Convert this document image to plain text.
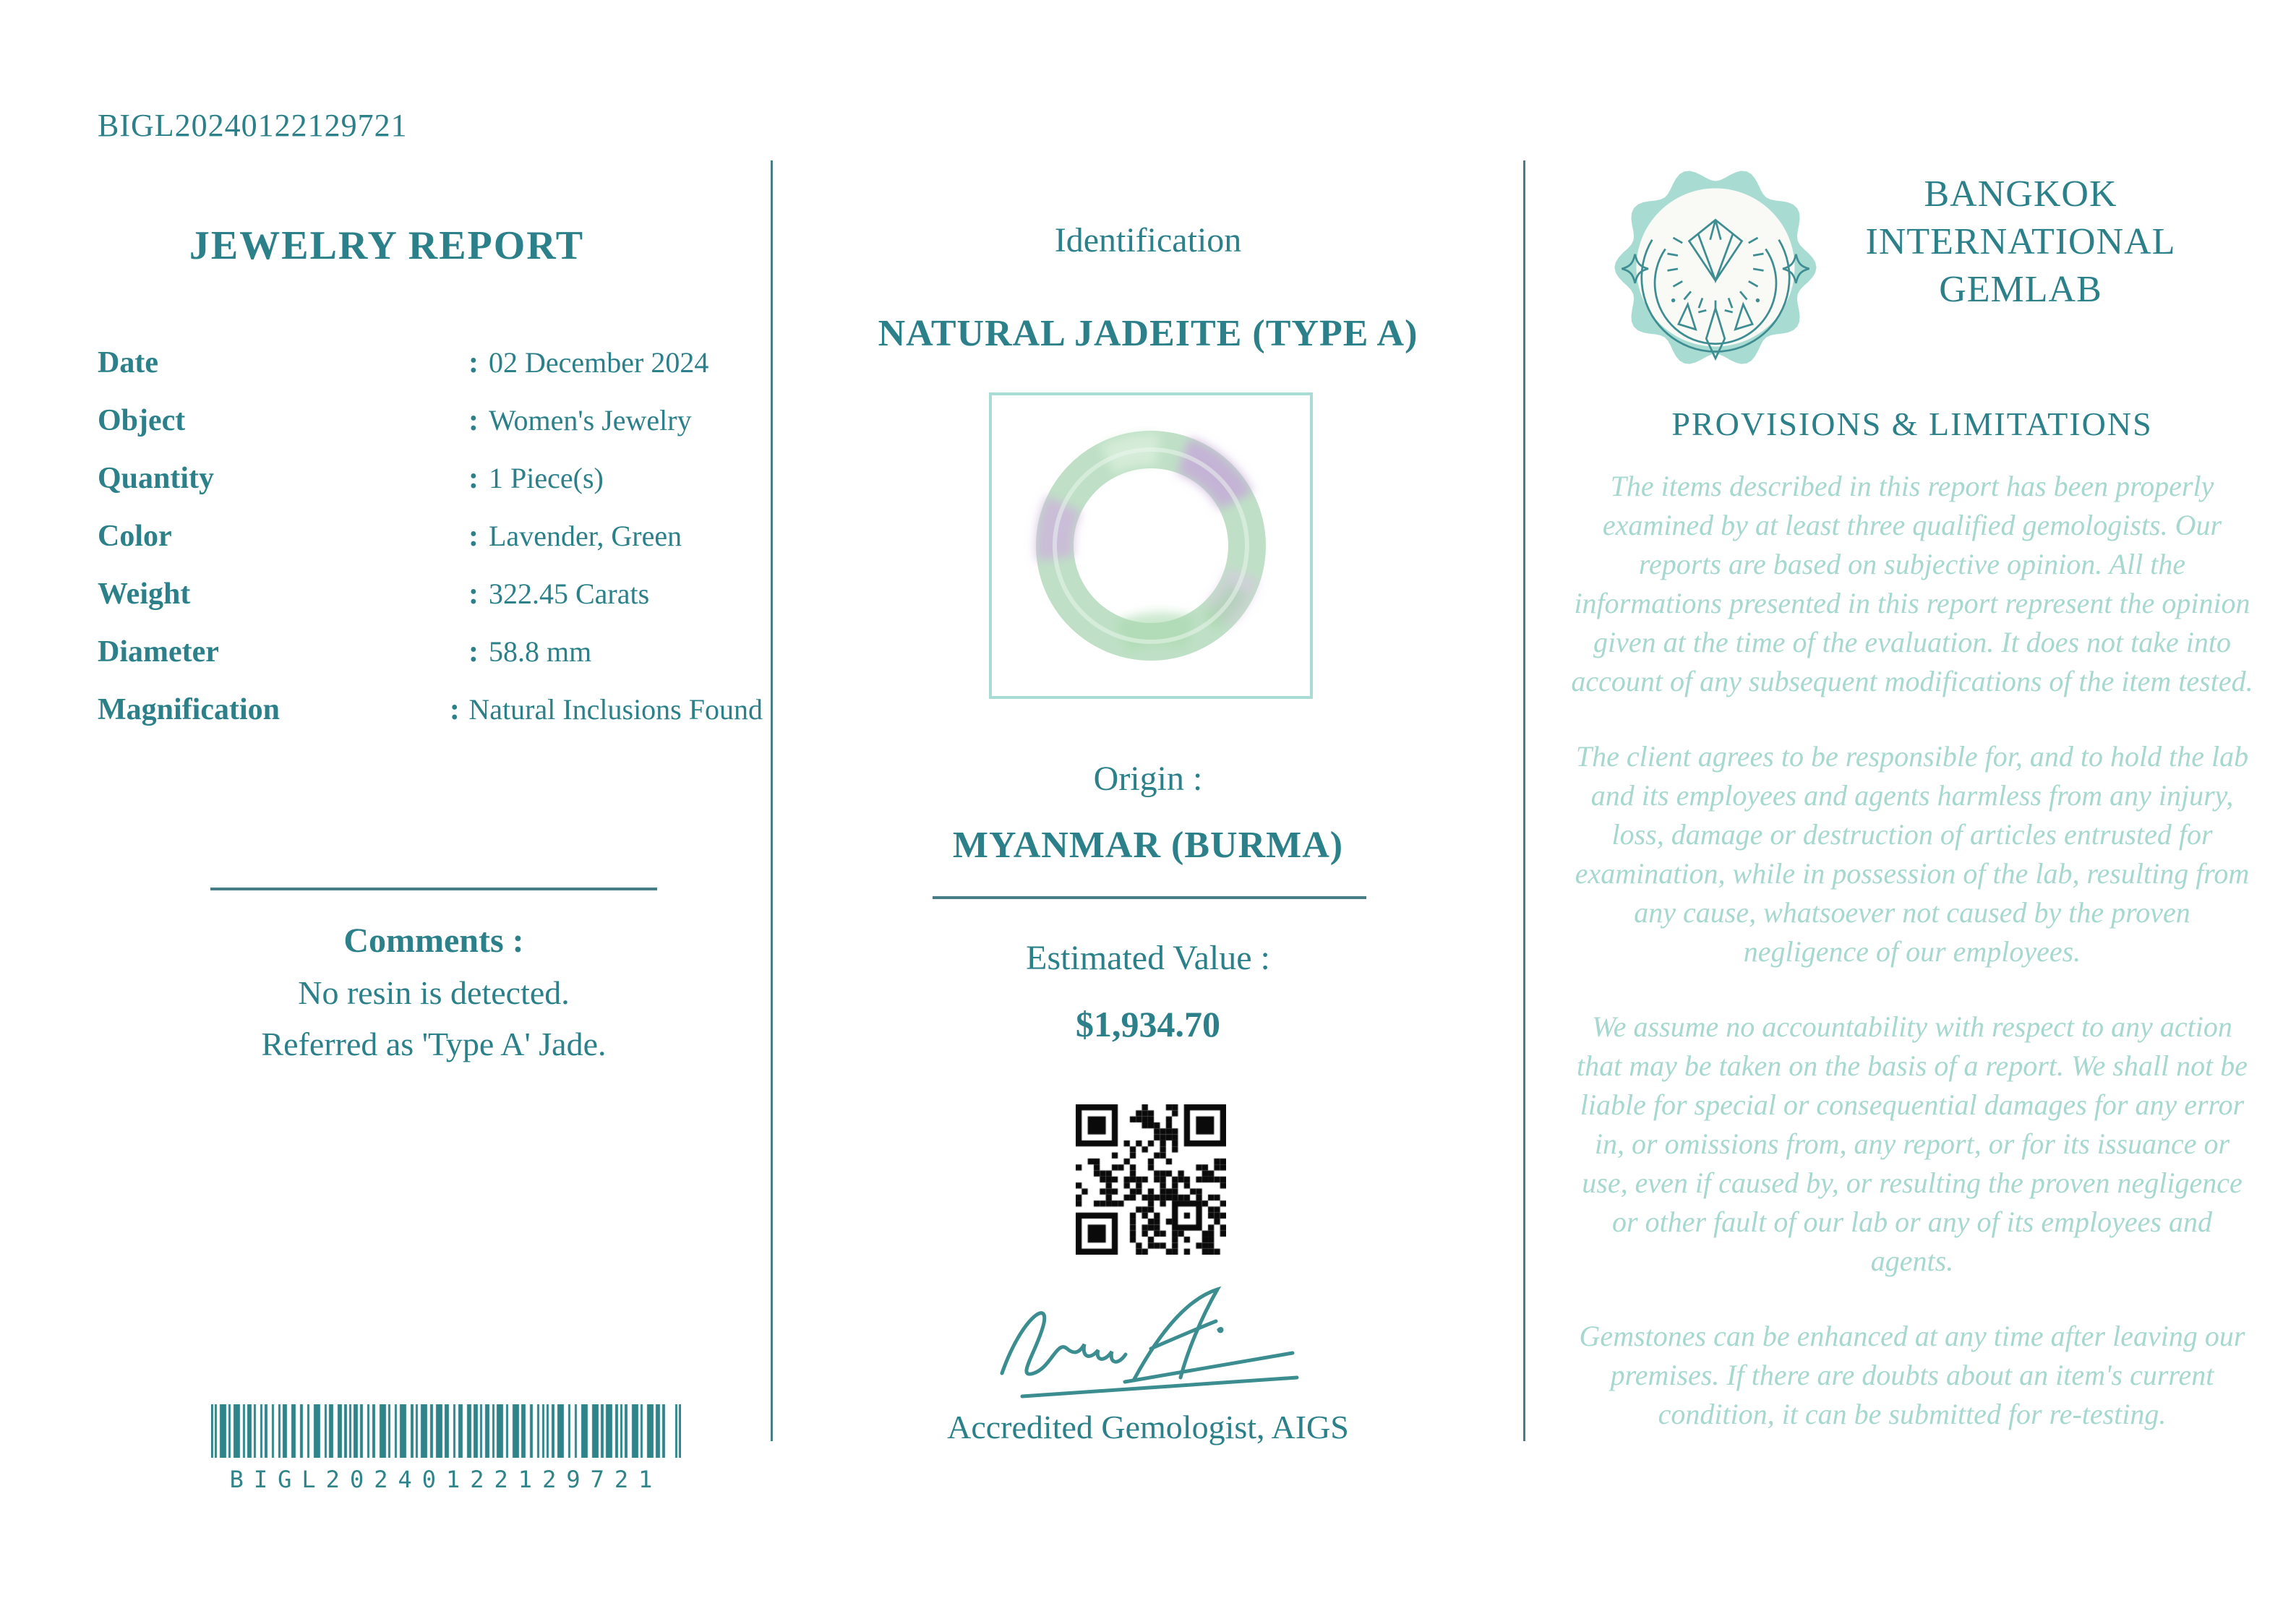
BIGL20240122129721
JEWELRY REPORT
Date	: 02 December 2024
Object	: Women's Jewelry
Quantity	: 1 Piece(s)
Color	: Lavender, Green
Weight	: 322.45 Carats
Diameter	: 58.8 mm
Magnification	: Natural Inclusions Found
Comments :
No resin is detected.
Referred as 'Type A' Jade.
BIGL20240122129721
Identification
NATURAL JADEITE (TYPE A)
Origin :
MYANMAR (BURMA)
Estimated Value :
$1,934.70
Accredited Gemologist, AIGS
BANGKOK
INTERNATIONAL
GEMLAB
PROVISIONS & LIMITATIONS

The items described in this report has been properly examined by at least three qualified gemologists. Our reports are based on subjective opinion. All the informations presented in this report represent the opinion given at the time of the evaluation. It does not take into account of any subsequent modifications of the item tested.

The client agrees to be responsible for, and to hold the lab and its employees and agents harmless from any injury, loss, damage or destruction of articles entrusted for examination, while in possession of the lab, resulting from any cause, whatsoever not caused by the proven negligence of our employees.

We assume no accountability with respect to any action that may be taken on the basis of a report. We shall not be liable for special or consequential damages for any error in, or omissions from, any report, or for its issuance or use, even if caused by, or resulting the proven negligence or other fault of our lab or any of its employees and agents.

Gemstones can be enhanced at any time after leaving our premises. If there are doubts about an item's current condition, it can be submitted for re-testing.
